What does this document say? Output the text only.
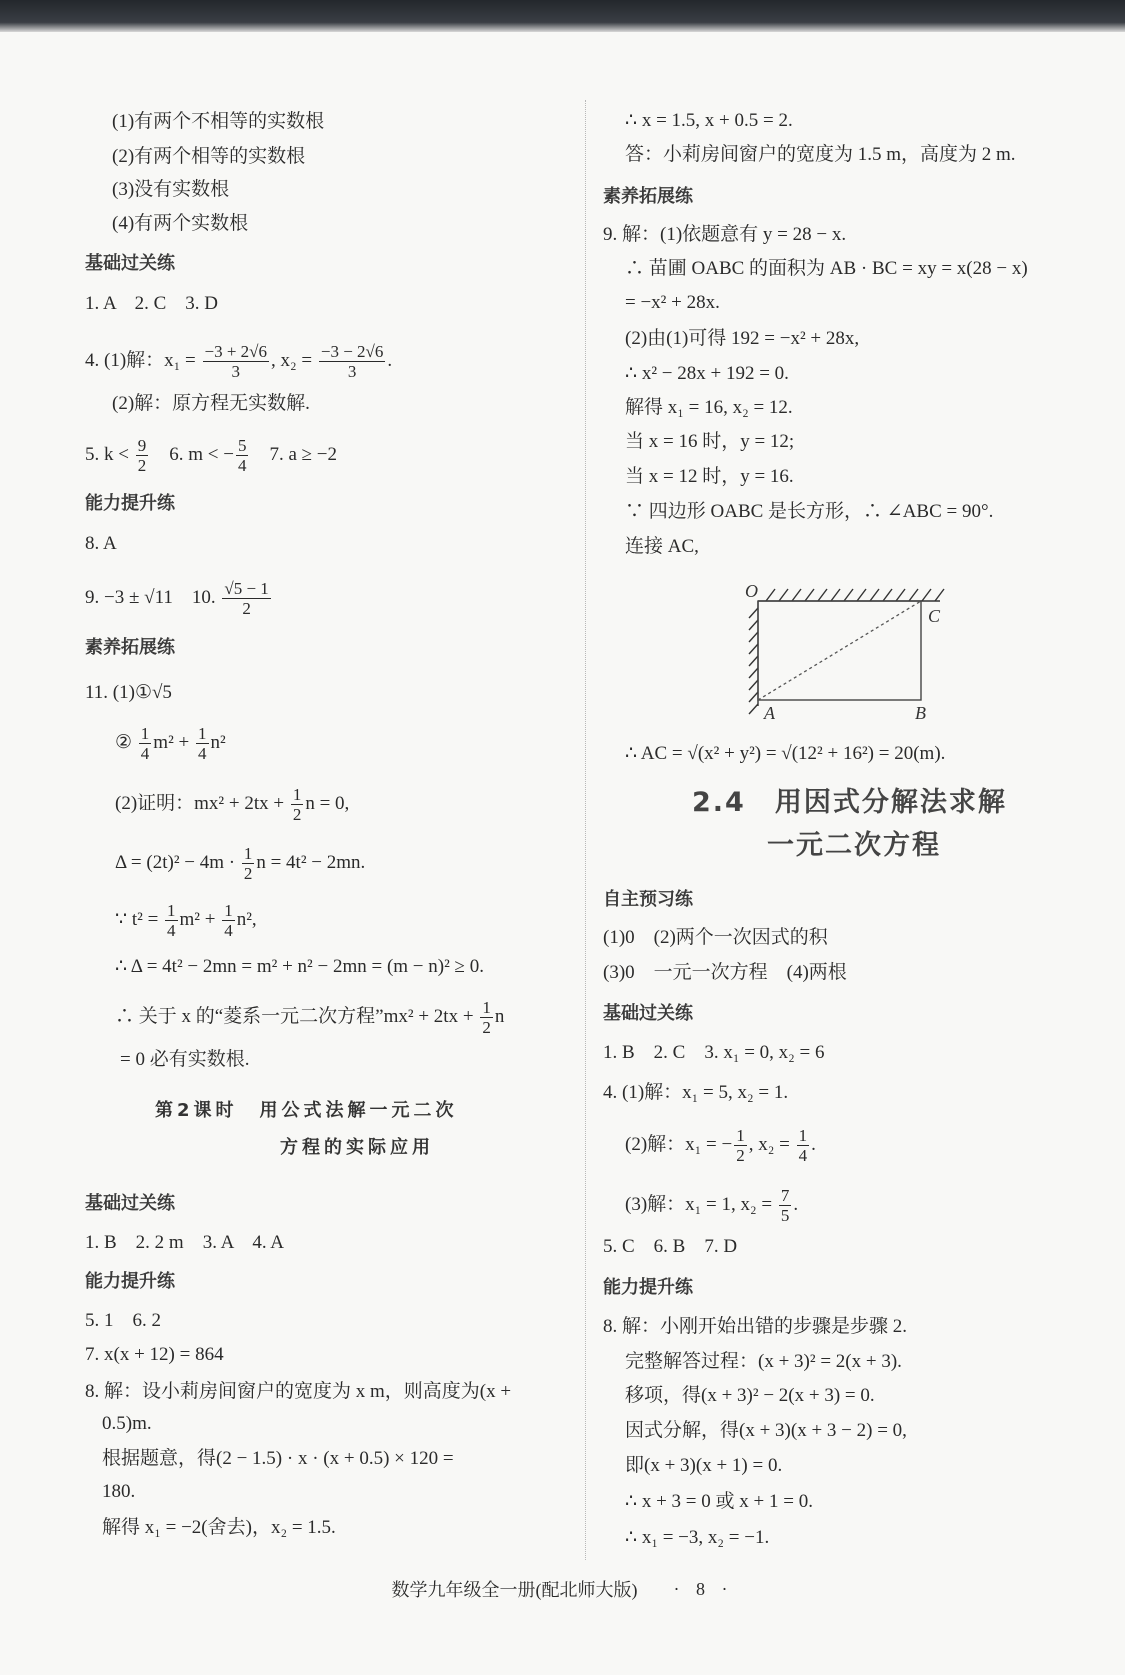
(1)有两个不相等的实数根
(2)有两个相等的实数根
(3)没有实数根
(4)有两个实数根
基础过关练
1. A　2. C　3. D
4. (1)解：$x_1 = \frac{-3 + 2√6}{3}$ , $x_2 = \frac{-3 - 2√6}{3}$ .
(2)解：原方程无实数解.
5. $k < \frac{9}{2}$ 　6. m < − $\frac{5}{4}$ 　7. a ≥ −2
能力提升练
8. A
9. −3 ± √11　10. $\frac{√5 - 1}{2}$
素养拓展练
11. (1)①√5
② $\frac{1}{4} m^2 + \frac{1}{4} n^2$
(2)证明：$mx^2 + 2tx + \frac{1}{2}$ n = 0,
$\Delta = (2t)^2 - 4m \cdot \frac{1}{2}$ n = 4t² − 2mn.
∵ $t^2 = \frac{1}{4} m^2 + \frac{1}{4} n^2$,
∴ Δ = 4t² − 2mn = m² + n² − 2mn = (m − n)² ≥ 0.
∴ 关于 x 的“菱系一元二次方程”mx² + $2tx + \frac{1}{2}$ n
= 0 必有实数根.
第2课时　用公式法解一元二次
方程的实际应用
基础过关练
1. B　2. 2 m　3. A　4. A
能力提升练
5. 1　6. 2
7. x(x + 12) = 864
8. 解：设小莉房间窗户的宽度为 x m，则高度为(x +
0.5)m.
根据题意，得(2 − 1.5) · x · (x + 0.5) × 120 =
180.
解得 x₁ = −2(舍去)，x₂ = 1.5.
∴ x = 1.5, x + 0.5 = 2.
答：小莉房间窗户的宽度为 1.5 m，高度为 2 m.
素养拓展练
9. 解：(1)依题意有 y = 28 − x.
∴ 苗圃 OABC 的面积为 AB · BC = xy = x(28 − x)
= −x² + 28x.
(2)由(1)可得 192 = −x² + 28x,
∴ x² − 28x + 192 = 0.
解得 x₁ = 16, x₂ = 12.
当 x = 16 时，y = 12;
当 x = 12 时，y = 16.
∵ 四边形 OABC 是长方形，∴ ∠ABC = 90°.
连接 AC,
∴ AC = √(x² + y²) = √(12² + 16²) = 20(m).
2.4　用因式分解法求解
一元二次方程
自主预习练
(1)0　(2)两个一次因式的积
(3)0　一元一次方程　(4)两根
基础过关练
1. B　2. C　3. x₁ = 0, x₂ = 6
4. (1)解：x₁ = 5, x₂ = 1.
(2)解：x₁ = − $\frac{1}{2}$ , $x_2 = \frac{1}{4}$ .
(3)解：x₁ = 1, $x_2 = \frac{7}{5}$ .
5. C　6. B　7. D
能力提升练
8. 解：小刚开始出错的步骤是步骤 2.
完整解答过程：(x + 3)² = 2(x + 3).
移项，得(x + 3)² − 2(x + 3) = 0.
因式分解，得(x + 3)(x + 3 − 2) = 0,
即(x + 3)(x + 1) = 0.
∴ x + 3 = 0 或 x + 1 = 0.
∴ x₁ = −3, x₂ = −1.
O
C
A	B
数学九年级全一册(配北师大版) · 8 ·
